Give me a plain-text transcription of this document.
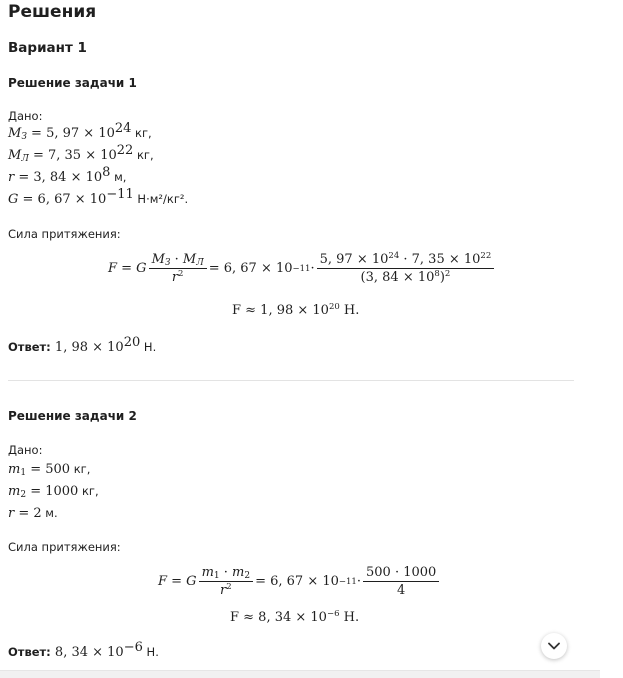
Решения
Вариант 1
Решение задачи 1
Дано:
$M_З = 5$, $97 \times 10^{24}$ кг,
$M_Л = 7$, $35 \times 10^{22}$ кг,
r = 3, $84 \times 10^8$ м,
G = 6, $67 \times 10^{-11}$ Н·м²/кг².
Сила притяжения:
F = G $\frac{M_З \cdot M_Л}{r^2} = 6$, $67 \times 10 -11 \cdot \frac{5, 97 \times 10^{24} \cdot 7, 35 \times 10^{22}}{(3, 84 \times 10^8)^2}$
F ≈ 1, $98 \times 10^{20}$ Н.
Ответ: 1, $98 \times 10^{20}$ Н.
Решение задачи 2
Дано:
$m_1 = 500$ кг,
$m_2 = 1000$ кг,
r = 2 м.
Сила притяжения:
F = G $\frac{m_1 \cdot m_2}{r^2} = 6$, $67 \times 10 -11 \cdot \frac{500 \cdot 1000}{4}$
F ≈ 8, $34 \times 10^{-6}$ Н.
Ответ: 8, $34 \times 10^{-6}$ Н.
